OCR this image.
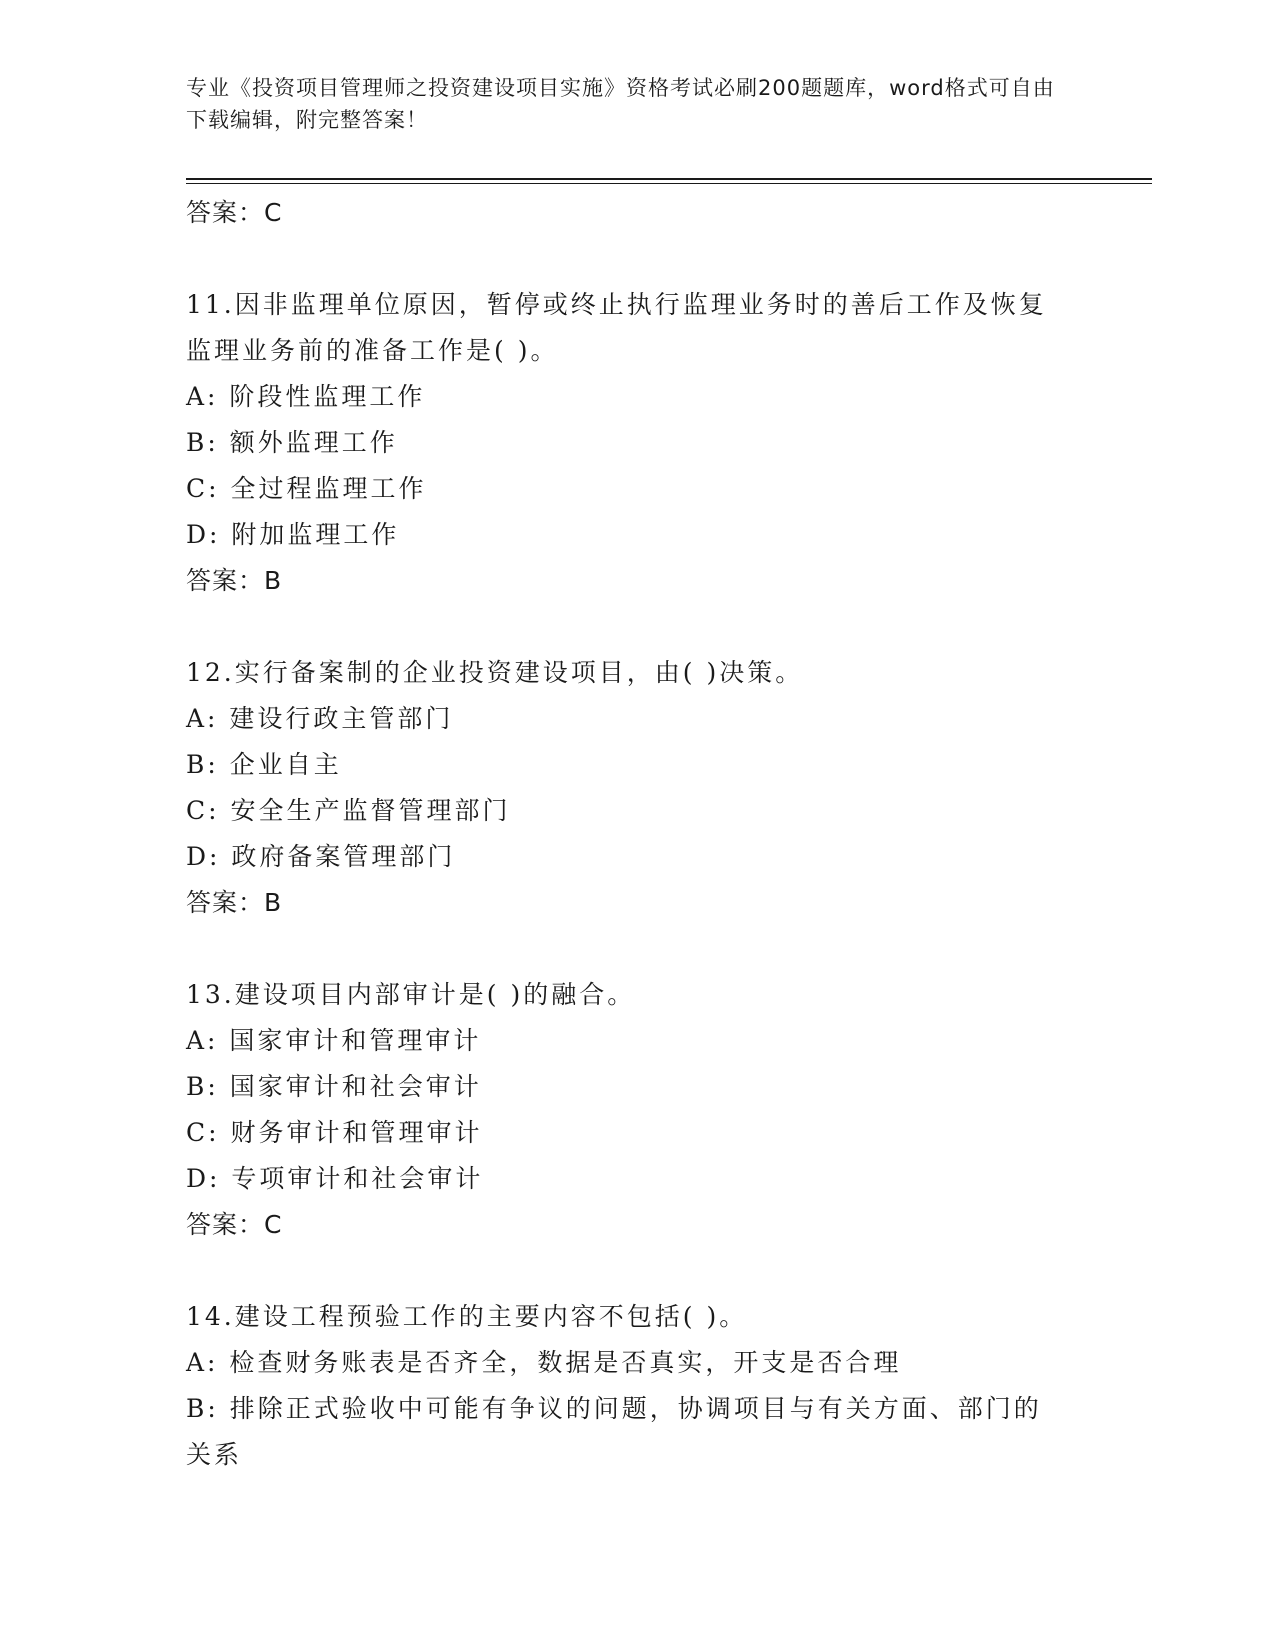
专业《投资项目管理师之投资建设项目实施》资格考试必刷200题题库，word格式可自由下载编辑，附完整答案！

答案：C

11.因非监理单位原因，暂停或终止执行监理业务时的善后工作及恢复

监理业务前的准备工作是( )。

A: 阶段性监理工作

B: 额外监理工作

C: 全过程监理工作

D: 附加监理工作

答案：B

12.实行备案制的企业投资建设项目，由( )决策。

A: 建设行政主管部门

B: 企业自主

C: 安全生产监督管理部门

D: 政府备案管理部门

答案：B

13.建设项目内部审计是( )的融合。

A: 国家审计和管理审计

B: 国家审计和社会审计

C: 财务审计和管理审计

D: 专项审计和社会审计

答案：C

14.建设工程预验工作的主要内容不包括( )。

A: 检查财务账表是否齐全，数据是否真实，开支是否合理

B: 排除正式验收中可能有争议的问题，协调项目与有关方面、部门的

关系
